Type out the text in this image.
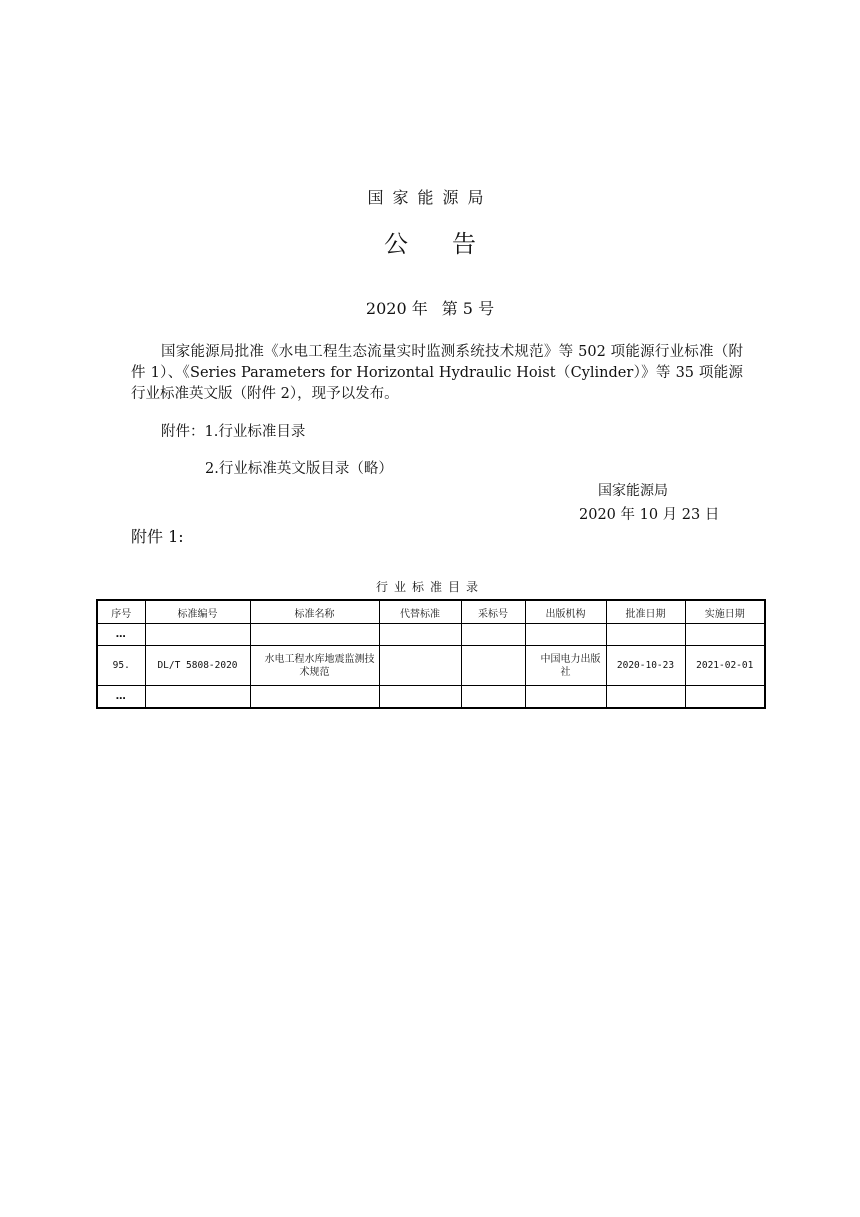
国家能源局
公告
2020 年 第 5 号

国家能源局批准《水电工程生态流量实时监测系统技术规范》等 502 项能源行业标准（附件 1）、《Series Parameters for Horizontal Hydraulic Hoist（Cylinder）》等 35 项能源行业标准英文版（附件 2），现予以发布。

附件：1.行业标准目录
2.行业标准英文版目录（略）
国家能源局
2020 年 10 月 23 日
附件 1:
行业标准目录
序号	标准编号	标准名称	代替标准	采标号	出版机构	批准日期	实施日期
…							
95.	DL/T 5808-2020	水电工程水库地震监测技术规范			中国电力出版社	2020-10-23	2021-02-01
…							
